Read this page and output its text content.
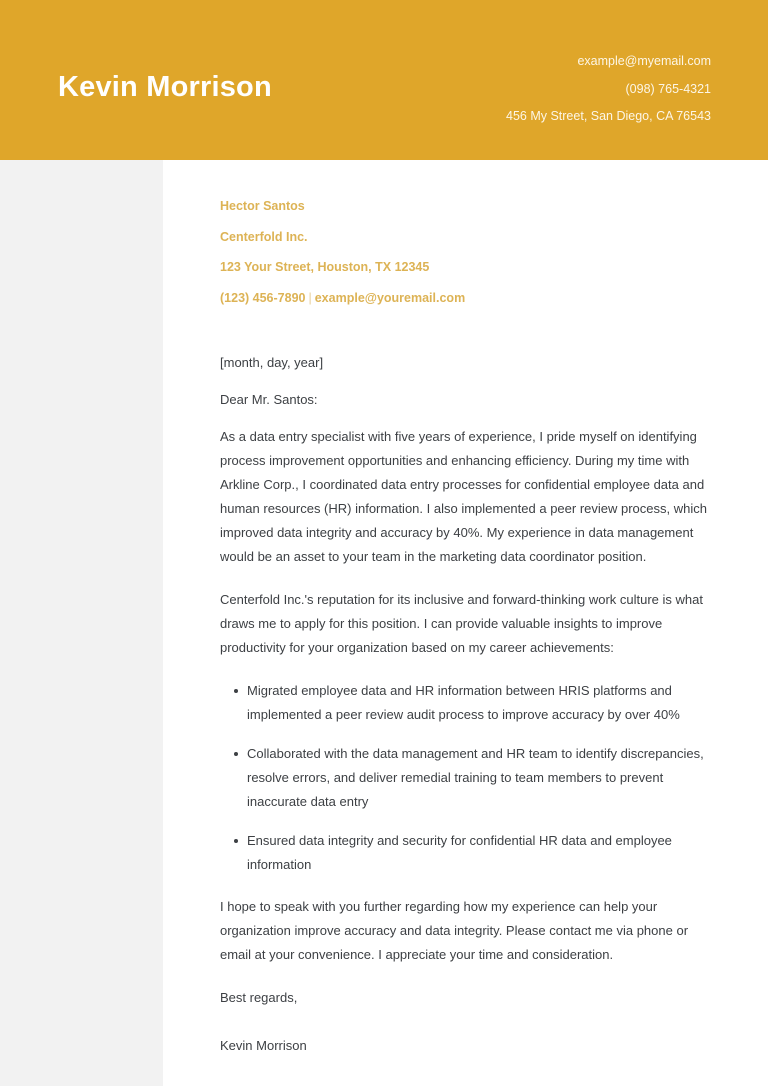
Kevin Morrison
example@myemail.com
(098) 765-4321
456 My Street, San Diego, CA 76543
Hector Santos
Centerfold Inc.
123 Your Street, Houston, TX 12345
(123) 456-7890 | example@youremail.com

[month, day, year]

Dear Mr. Santos:

As a data entry specialist with five years of experience, I pride myself on identifying process improvement opportunities and enhancing efficiency. During my time with Arkline Corp., I coordinated data entry processes for confidential employee data and human resources (HR) information. I also implemented a peer review process, which improved data integrity and accuracy by 40%. My experience in data management would be an asset to your team in the marketing data coordinator position.

Centerfold Inc.'s reputation for its inclusive and forward-thinking work culture is what draws me to apply for this position. I can provide valuable insights to improve productivity for your organization based on my career achievements:

Migrated employee data and HR information between HRIS platforms and implemented a peer review audit process to improve accuracy by over 40%
Collaborated with the data management and HR team to identify discrepancies, resolve errors, and deliver remedial training to team members to prevent inaccurate data entry
Ensured data integrity and security for confidential HR data and employee information

I hope to speak with you further regarding how my experience can help your organization improve accuracy and data integrity. Please contact me via phone or email at your convenience. I appreciate your time and consideration.

Best regards,

Kevin Morrison
